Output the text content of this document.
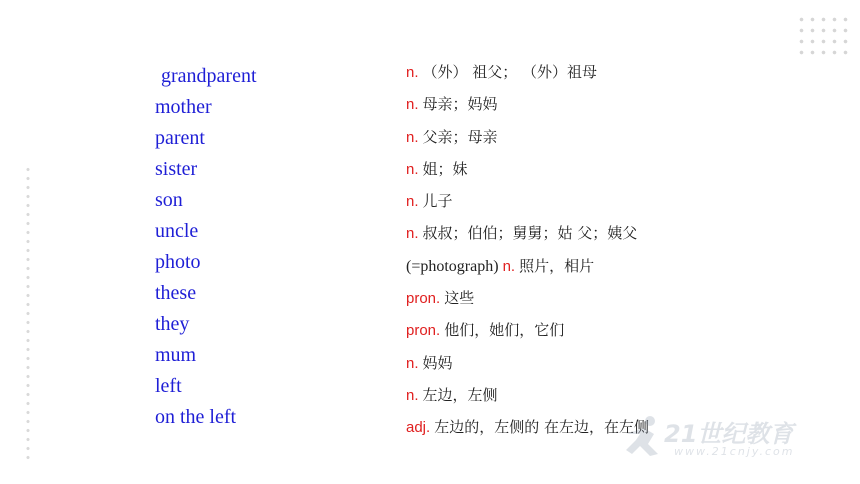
grandparent
mother
parent
sister
son
uncle
photo
these
they
mum
left
on the left
n. （外） 祖父； （外）祖母
n. 母亲；妈妈
n. 父亲；母亲
n. 姐；妹
n. 儿子
n. 叔叔；伯伯；舅舅；姑 父；姨父
(=photograph) n. 照片，相片
pron. 这些
pron. 他们，她们，它们
n. 妈妈
n. 左边，左侧
adj. 左边的，左侧的 在左边，在左侧 21世纪教育
www.21cnjy.com
